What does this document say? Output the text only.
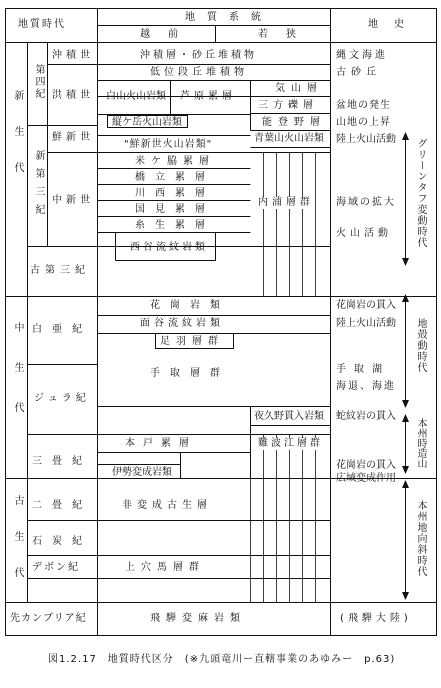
地質時代
地質系統
越前	若狭
地史
新生代
中生代
古生代
先カンブリア紀
第四紀
新第三紀
古第三紀
白亜紀
ジュラ紀
三畳紀
二畳紀
石炭紀
デボン紀
沖積世
洪積世
鮮新世
中新世
沖積層・砂丘堆積物
低位段丘堆積物
白山火山岩類 芦原累層
気山層
三方礫層
能登野層
縦ケ岳火山岩類
"鮮新世火山岩類"
青葉山火山岩類
米ケ脇累層
橋立累層
川西累層
国見累層
糸生累層
内浦層群
西谷流紋岩類
花崗岩類
面谷流紋岩類
足羽層群
手取層群
夜久野貫入岩類
難波江層群
本戸累層
伊勢変成岩類
非変成古生層
上穴馬層群
飛騨変麻岩類
縄文海進
古砂丘
盆地の発生
山地の上昇
陸上火山活動
海域の拡大
火山活動
花崗岩の貫入
陸上火山活動
手取湖
海退、海進
蛇紋岩の貫入
花崗岩の貫入
広域変成作用
(飛騨大陸)
グリーンタフ変動時代
地殻動時代
本州時造山
本州地向斜時代
図1.2.17　地質時代区分　(※九頭竜川ー直轄事業のあゆみー　p.63)
